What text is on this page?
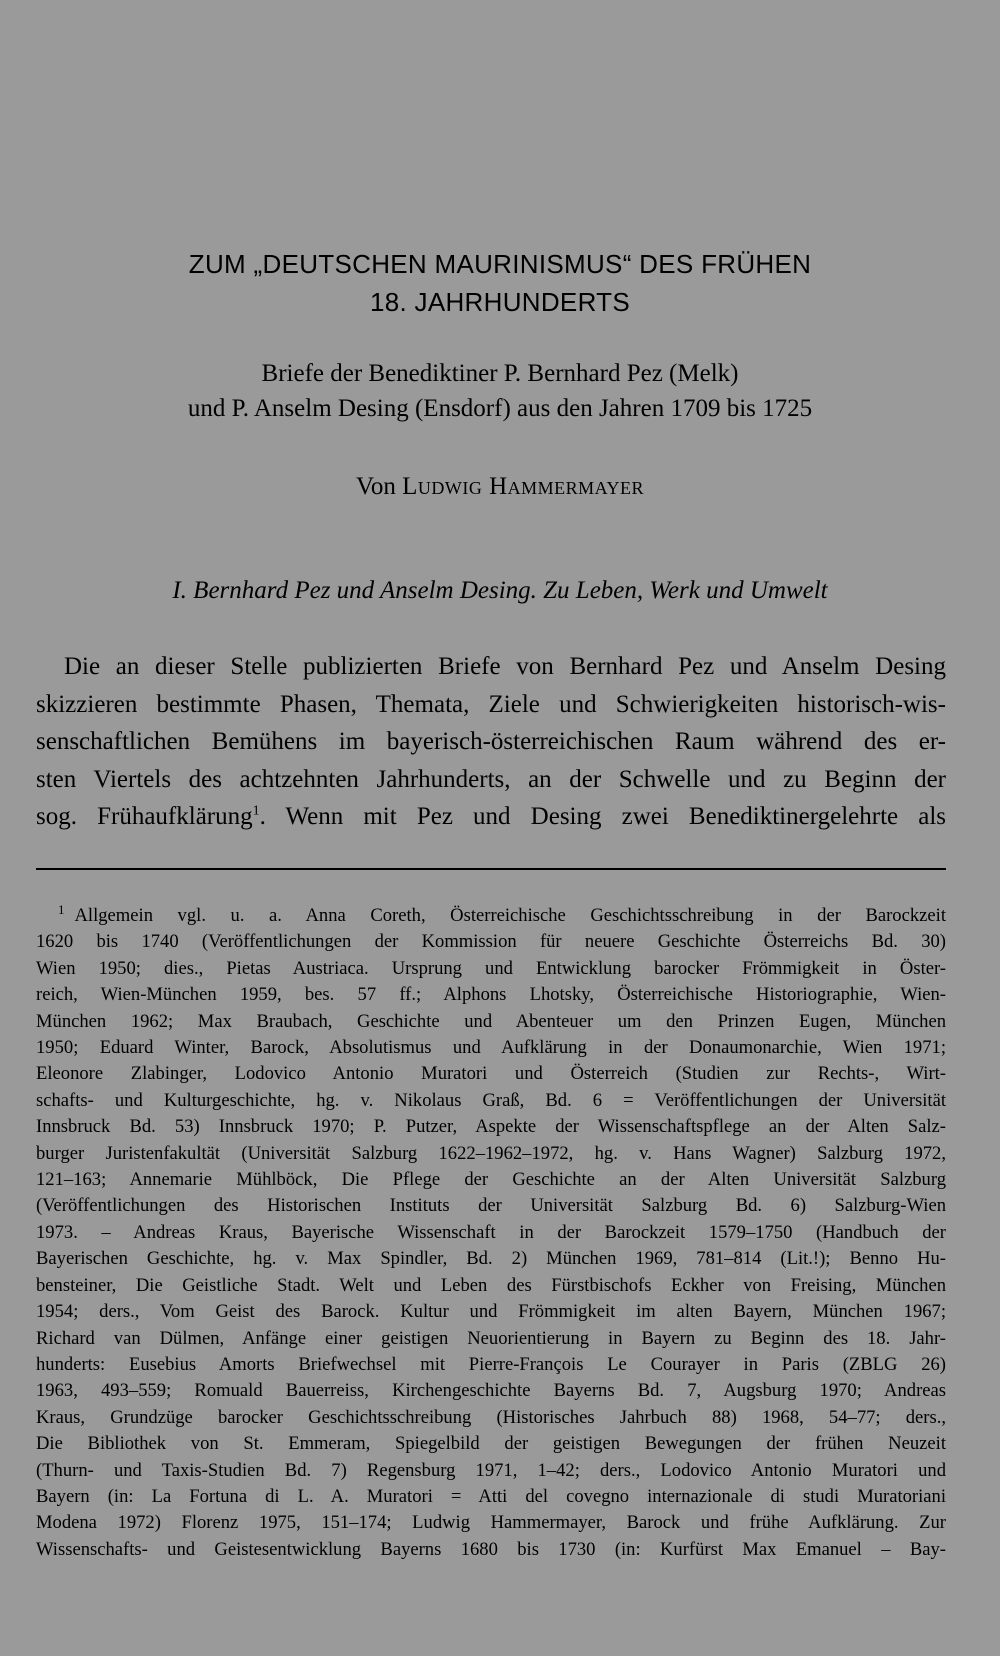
ZUM „DEUTSCHEN MAURINISMUS“ DES FRÜHEN
18. JAHRHUNDERTS
Briefe der Benediktiner P. Bernhard Pez (Melk)
und P. Anselm Desing (Ensdorf) aus den Jahren 1709 bis 1725
Von Ludwig Hammermayer
I. Bernhard Pez und Anselm Desing. Zu Leben, Werk und Umwelt
Die an dieser Stelle publizierten Briefe von Bernhard Pez und Anselm Desing
skizzieren bestimmte Phasen, Themata, Ziele und Schwierigkeiten historisch-wis-
senschaftlichen Bemühens im bayerisch-österreichischen Raum während des er-
sten Viertels des achtzehnten Jahrhunderts, an der Schwelle und zu Beginn der
sog. Frühaufklärung$^1$. Wenn mit Pez und Desing zwei Benediktinergelehrte als
$^1$ Allgemein vgl. u. a. Anna Coreth, Österreichische Geschichtsschreibung in der Barockzeit
1620 bis 1740 (Veröffentlichungen der Kommission für neuere Geschichte Österreichs Bd. 30)
Wien 1950; dies., Pietas Austriaca. Ursprung und Entwicklung barocker Frömmigkeit in Öster-
reich, Wien-München 1959, bes. 57 ff.; Alphons Lhotsky, Österreichische Historiographie, Wien-
München 1962; Max Braubach, Geschichte und Abenteuer um den Prinzen Eugen, München
1950; Eduard Winter, Barock, Absolutismus und Aufklärung in der Donaumonarchie, Wien 1971;
Eleonore Zlabinger, Lodovico Antonio Muratori und Österreich (Studien zur Rechts-, Wirt-
schafts- und Kulturgeschichte, hg. v. Nikolaus Graß, Bd. 6 = Veröffentlichungen der Universität
Innsbruck Bd. 53) Innsbruck 1970; P. Putzer, Aspekte der Wissenschaftspflege an der Alten Salz-
burger Juristenfakultät (Universität Salzburg 1622–1962–1972, hg. v. Hans Wagner) Salzburg 1972,
121–163; Annemarie Mühlböck, Die Pflege der Geschichte an der Alten Universität Salzburg
(Veröffentlichungen des Historischen Instituts der Universität Salzburg Bd. 6) Salzburg-Wien
1973. – Andreas Kraus, Bayerische Wissenschaft in der Barockzeit 1579–1750 (Handbuch der
Bayerischen Geschichte, hg. v. Max Spindler, Bd. 2) München 1969, 781–814 (Lit.!); Benno Hu-
bensteiner, Die Geistliche Stadt. Welt und Leben des Fürstbischofs Eckher von Freising, München
1954; ders., Vom Geist des Barock. Kultur und Frömmigkeit im alten Bayern, München 1967;
Richard van Dülmen, Anfänge einer geistigen Neuorientierung in Bayern zu Beginn des 18. Jahr-
hunderts: Eusebius Amorts Briefwechsel mit Pierre-François Le Courayer in Paris (ZBLG 26)
1963, 493–559; Romuald Bauerreiss, Kirchengeschichte Bayerns Bd. 7, Augsburg 1970; Andreas
Kraus, Grundzüge barocker Geschichtsschreibung (Historisches Jahrbuch 88) 1968, 54–77; ders.,
Die Bibliothek von St. Emmeram, Spiegelbild der geistigen Bewegungen der frühen Neuzeit
(Thurn- und Taxis-Studien Bd. 7) Regensburg 1971, 1–42; ders., Lodovico Antonio Muratori und
Bayern (in: La Fortuna di L. A. Muratori = Atti del covegno internazionale di studi Muratoriani
Modena 1972) Florenz 1975, 151–174; Ludwig Hammermayer, Barock und frühe Aufklärung. Zur
Wissenschafts- und Geistesentwicklung Bayerns 1680 bis 1730 (in: Kurfürst Max Emanuel – Bay-
